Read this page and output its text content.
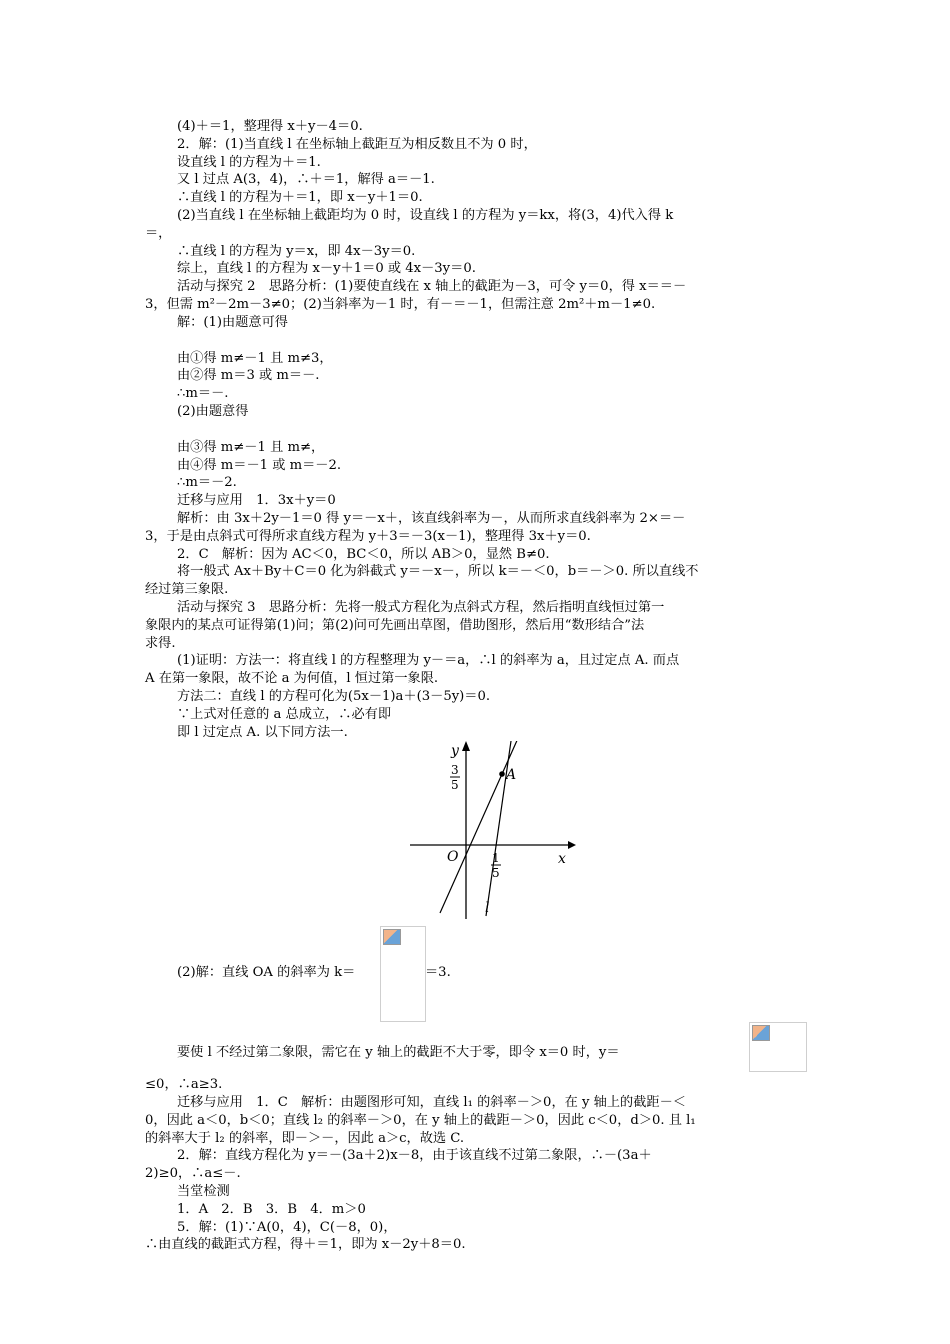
(4)＋＝1，整理得 x＋y－4＝0.
2．解：(1)当直线 l 在坐标轴上截距互为相反数且不为 0 时，
设直线 l 的方程为＋＝1.
又 l 过点 A(3，4)，∴＋＝1，解得 a＝－1.
∴直线 l 的方程为＋＝1，即 x－y＋1＝0.
(2)当直线 l 在坐标轴上截距均为 0 时，设直线 l 的方程为 y＝kx，将(3，4)代入得 k
＝，
∴直线 l 的方程为 y＝x，即 4x－3y＝0.
综上，直线 l 的方程为 x－y＋1＝0 或 4x－3y＝0.
活动与探究 2　思路分析：(1)要使直线在 x 轴上的截距为－3，可令 y＝0，得 x＝＝－
3，但需 m²－2m－3≠0；(2)当斜率为－1 时，有－＝－1，但需注意 2m²＋m－1≠0.
解：(1)由题意可得
由①得 m≠－1 且 m≠3，
由②得 m＝3 或 m＝－.
∴m＝－.
(2)由题意得
由③得 m≠－1 且 m≠，
由④得 m＝－1 或 m＝－2.
∴m＝－2.
迁移与应用　1．3x＋y＝0
解析：由 3x＋2y－1＝0 得 y＝－x＋，该直线斜率为－，从而所求直线斜率为 2×＝－
3，于是由点斜式可得所求直线方程为 y＋3＝－3(x－1)，整理得 3x＋y＝0.
2．C　解析：因为 AC＜0，BC＜0，所以 AB＞0，显然 B≠0.
将一般式 Ax＋By＋C＝0 化为斜截式 y＝－x－，所以 k＝－＜0，b＝－＞0. 所以直线不
经过第三象限.
活动与探究 3　思路分析：先将一般式方程化为点斜式方程，然后指明直线恒过第一
象限内的某点可证得第(1)问；第(2)问可先画出草图，借助图形，然后用“数形结合”法
求得.
(1)证明：方法一：将直线 l 的方程整理为 y－＝a，∴l 的斜率为 a，且过定点 A. 而点
A 在第一象限，故不论 a 为何值，l 恒过第一象限.
方法二：直线 l 的方程可化为(5x－1)a＋(3－5y)＝0.
∵上式对任意的 a 总成立，∴必有即
即 l 过定点 A. 以下同方法一.
y
x
O
A
l
3
5
1
5
(2)解：直线 OA 的斜率为 k＝	＝3.
要使 l 不经过第二象限，需它在 y 轴上的截距不大于零，即令 x＝0 时，y＝
≤0，∴a≥3.
迁移与应用　1．C　解析：由题图形可知，直线 l₁ 的斜率－＞0，在 y 轴上的截距－＜
0，因此 a＜0，b＜0；直线 l₂ 的斜率－＞0，在 y 轴上的截距－＞0，因此 c＜0，d＞0. 且 l₁
的斜率大于 l₂ 的斜率，即－＞－，因此 a＞c，故选 C.
2．解：直线方程化为 y＝－(3a＋2)x－8，由于该直线不过第二象限，∴－(3a＋
2)≥0，∴a≤－.
当堂检测
1．A　2．B　3．B　4．m＞0
5．解：(1)∵A(0，4)，C(－8，0)，
∴由直线的截距式方程，得＋＝1，即为 x－2y＋8＝0.
